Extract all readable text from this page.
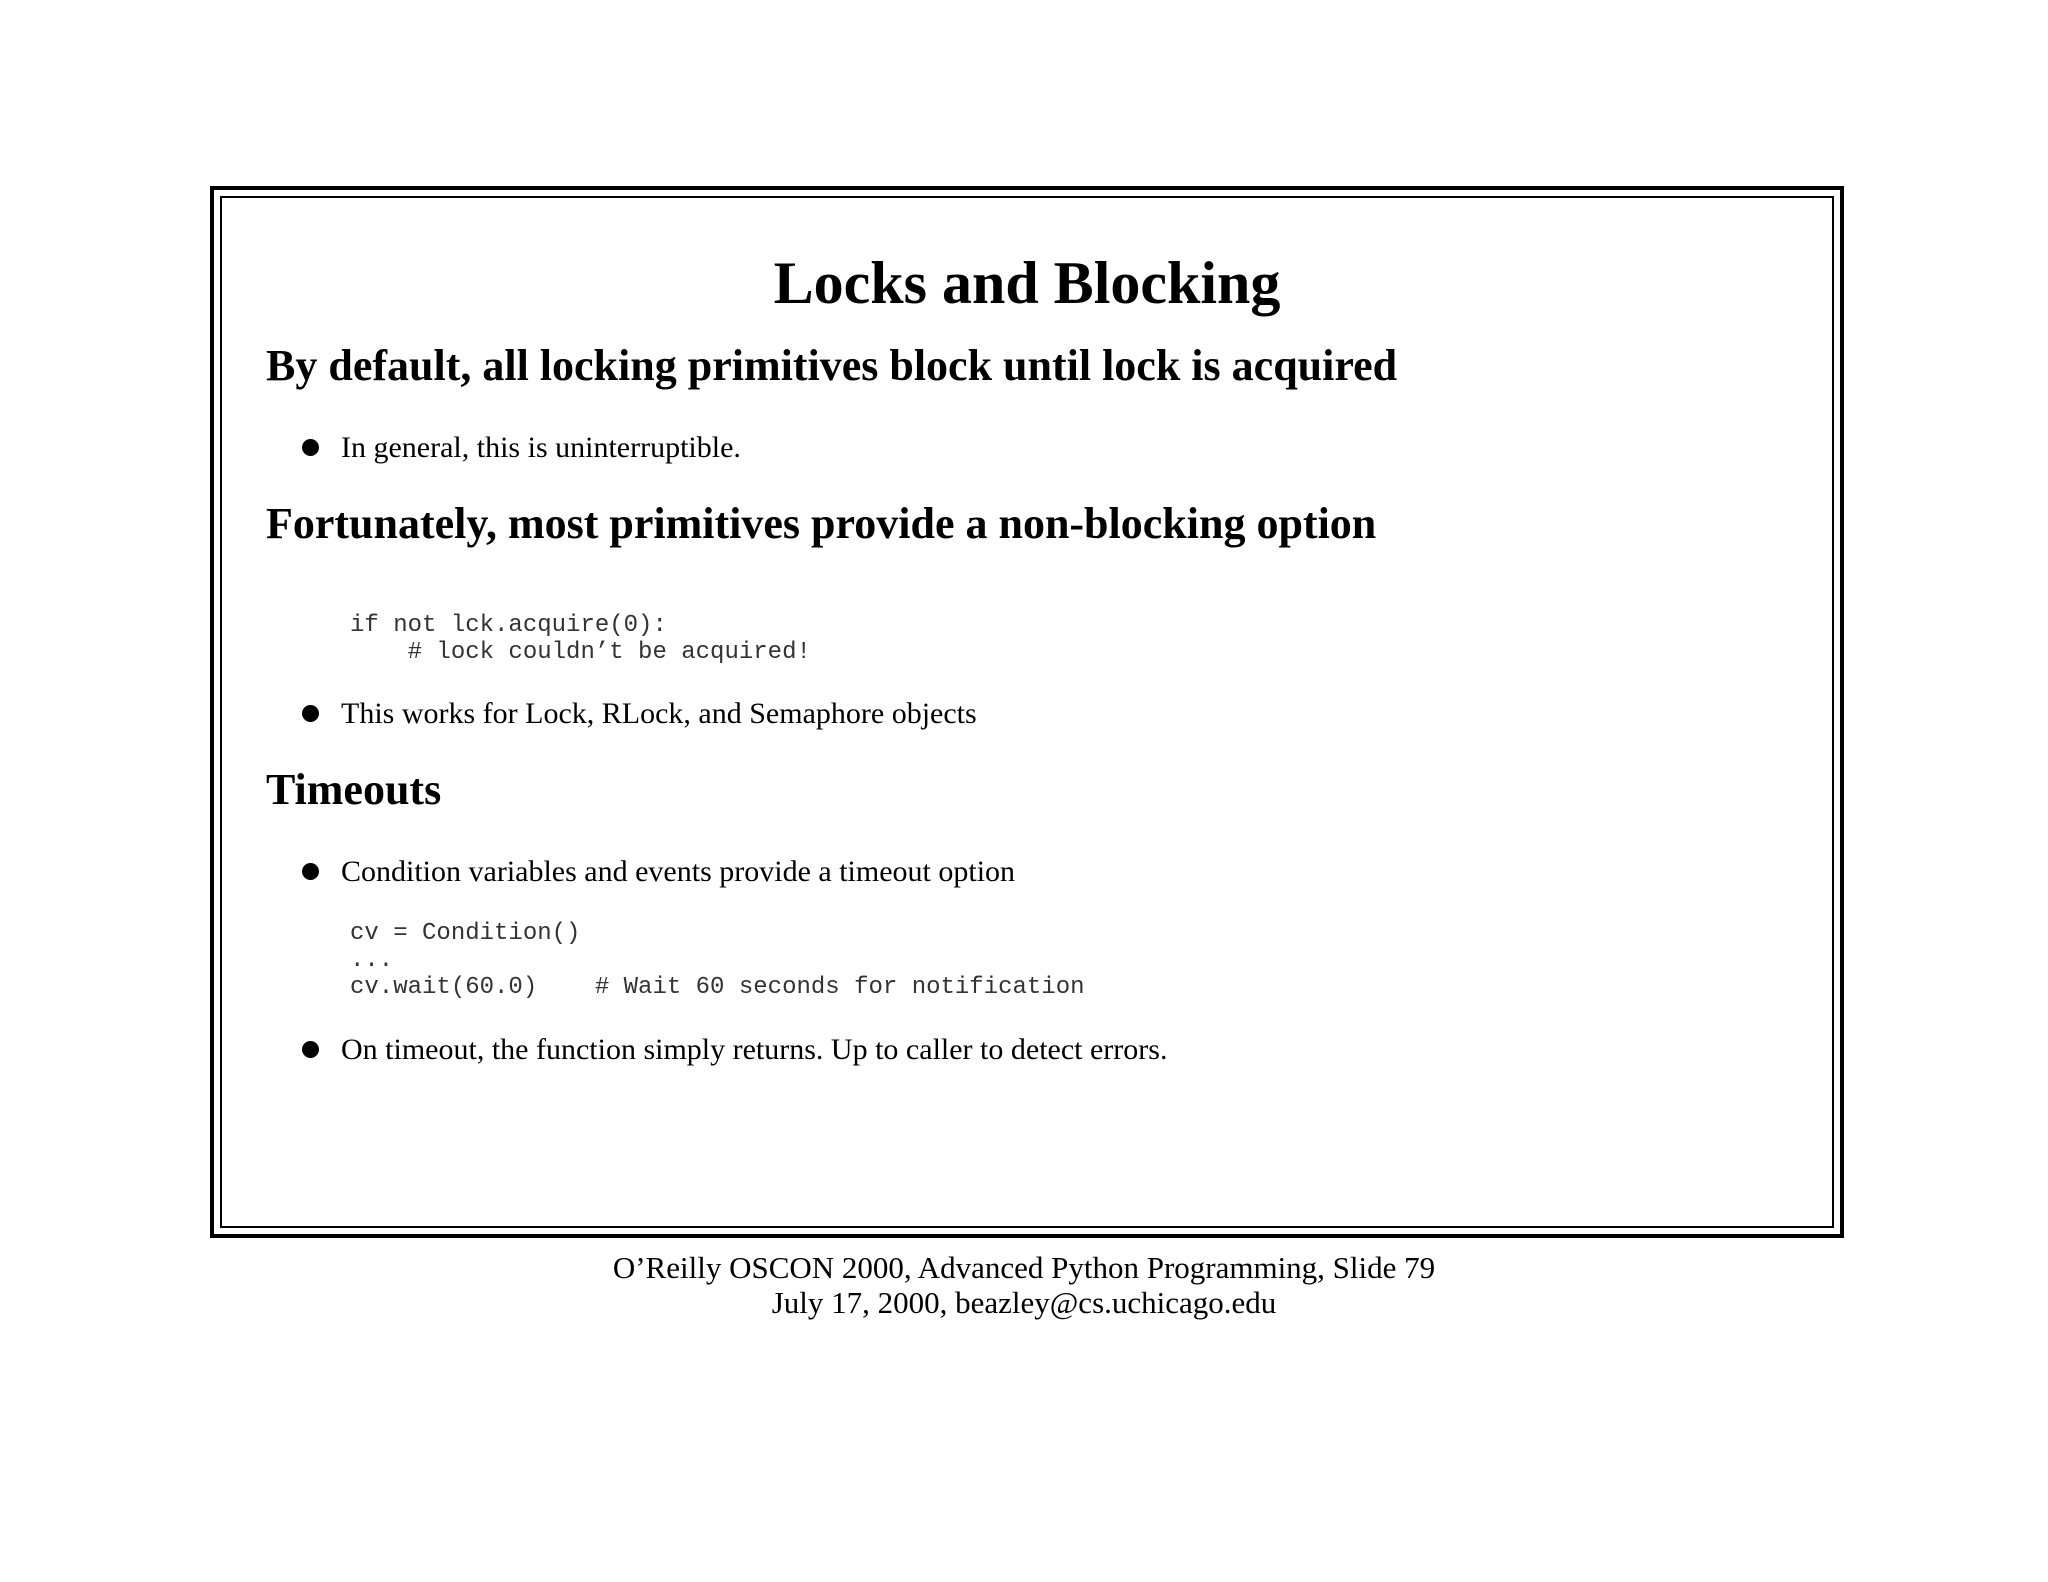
Locks and Blocking
By default, all locking primitives block until lock is acquired
In general, this is uninterruptible.
Fortunately, most primitives provide a non-blocking option
if not lck.acquire(0):
# lock couldn’t be acquired!
This works for Lock, RLock, and Semaphore objects
Timeouts
Condition variables and events provide a timeout option
cv = Condition()
...
cv.wait(60.0)    # Wait 60 seconds for notification
On timeout, the function simply returns. Up to caller to detect errors.
O’Reilly OSCON 2000, Advanced Python Programming, Slide 79
July 17, 2000, beazley@cs.uchicago.edu
